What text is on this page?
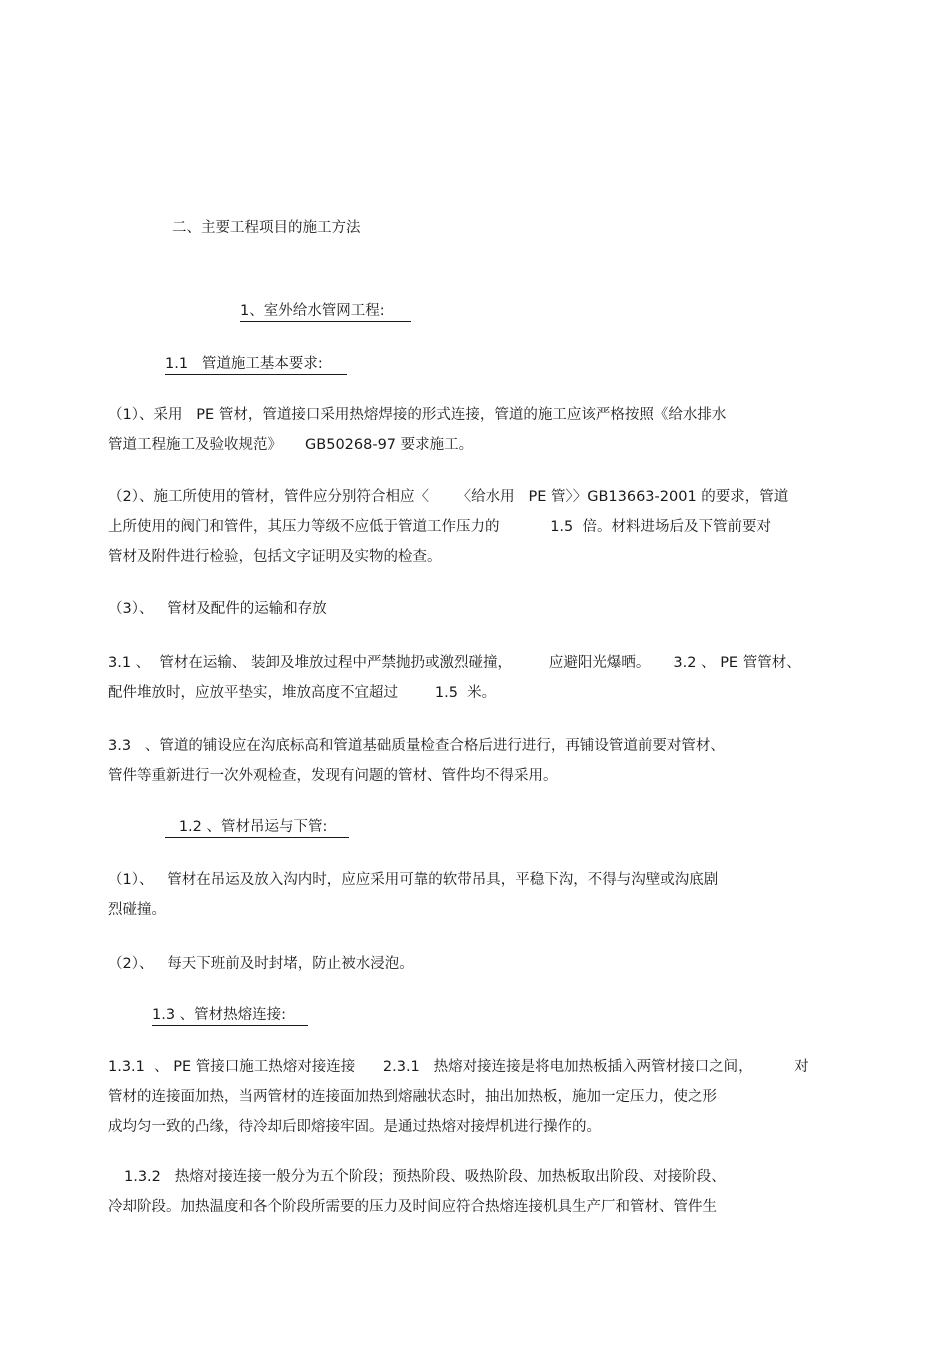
二、主要工程项目的施工方法
1、室外给水管网工程:
1.1   管道施工基本要求:
（1）、采用   PE 管材，管道接口采用热熔焊接的形式连接，管道的施工应该严格按照《给水排水
管道工程施工及验收规范》     GB50268-97 要求施工。
（2）、施工所使用的管材，管件应分别符合相应〈      〈给水用   PE 管〉〉GB13663-2001 的要求，管道
上所使用的阀门和管件，其压力等级不应低于管道工作压力的           1.5  倍。材料进场后及下管前要对
管材及附件进行检验，包括文字证明及实物的检查。
（3）、   管材及配件的运输和存放
3.1 、  管材在运输、 装卸及堆放过程中严禁抛扔或激烈碰撞，        应避阳光爆晒。     3.2 、 PE 管管材、
配件堆放时，应放平垫实，堆放高度不宜超过        1.5  米。
3.3   、管道的铺设应在沟底标高和管道基础质量检查合格后进行进行，再铺设管道前要对管材、
管件等重新进行一次外观检查，发现有问题的管材、管件均不得采用。
1.2 、管材吊运与下管:
（1）、   管材在吊运及放入沟内时，应应采用可靠的软带吊具，平稳下沟，不得与沟壁或沟底剧
烈碰撞。
（2）、   每天下班前及时封堵，防止被水浸泡。
1.3 、管材热熔连接:
1.3.1  、 PE 管接口施工热熔对接连接      2.3.1   热熔对接连接是将电加热板插入两管材接口之间，         对
管材的连接面加热，当两管材的连接面加热到熔融状态时，抽出加热板，施加一定压力，使之形
成均匀一致的凸缘，待冷却后即熔接牢固。是通过热熔对接焊机进行操作的。
1.3.2   热熔对接连接一般分为五个阶段；预热阶段、吸热阶段、加热板取出阶段、对接阶段、
冷却阶段。加热温度和各个阶段所需要的压力及时间应符合热熔连接机具生产厂和管材、管件生
